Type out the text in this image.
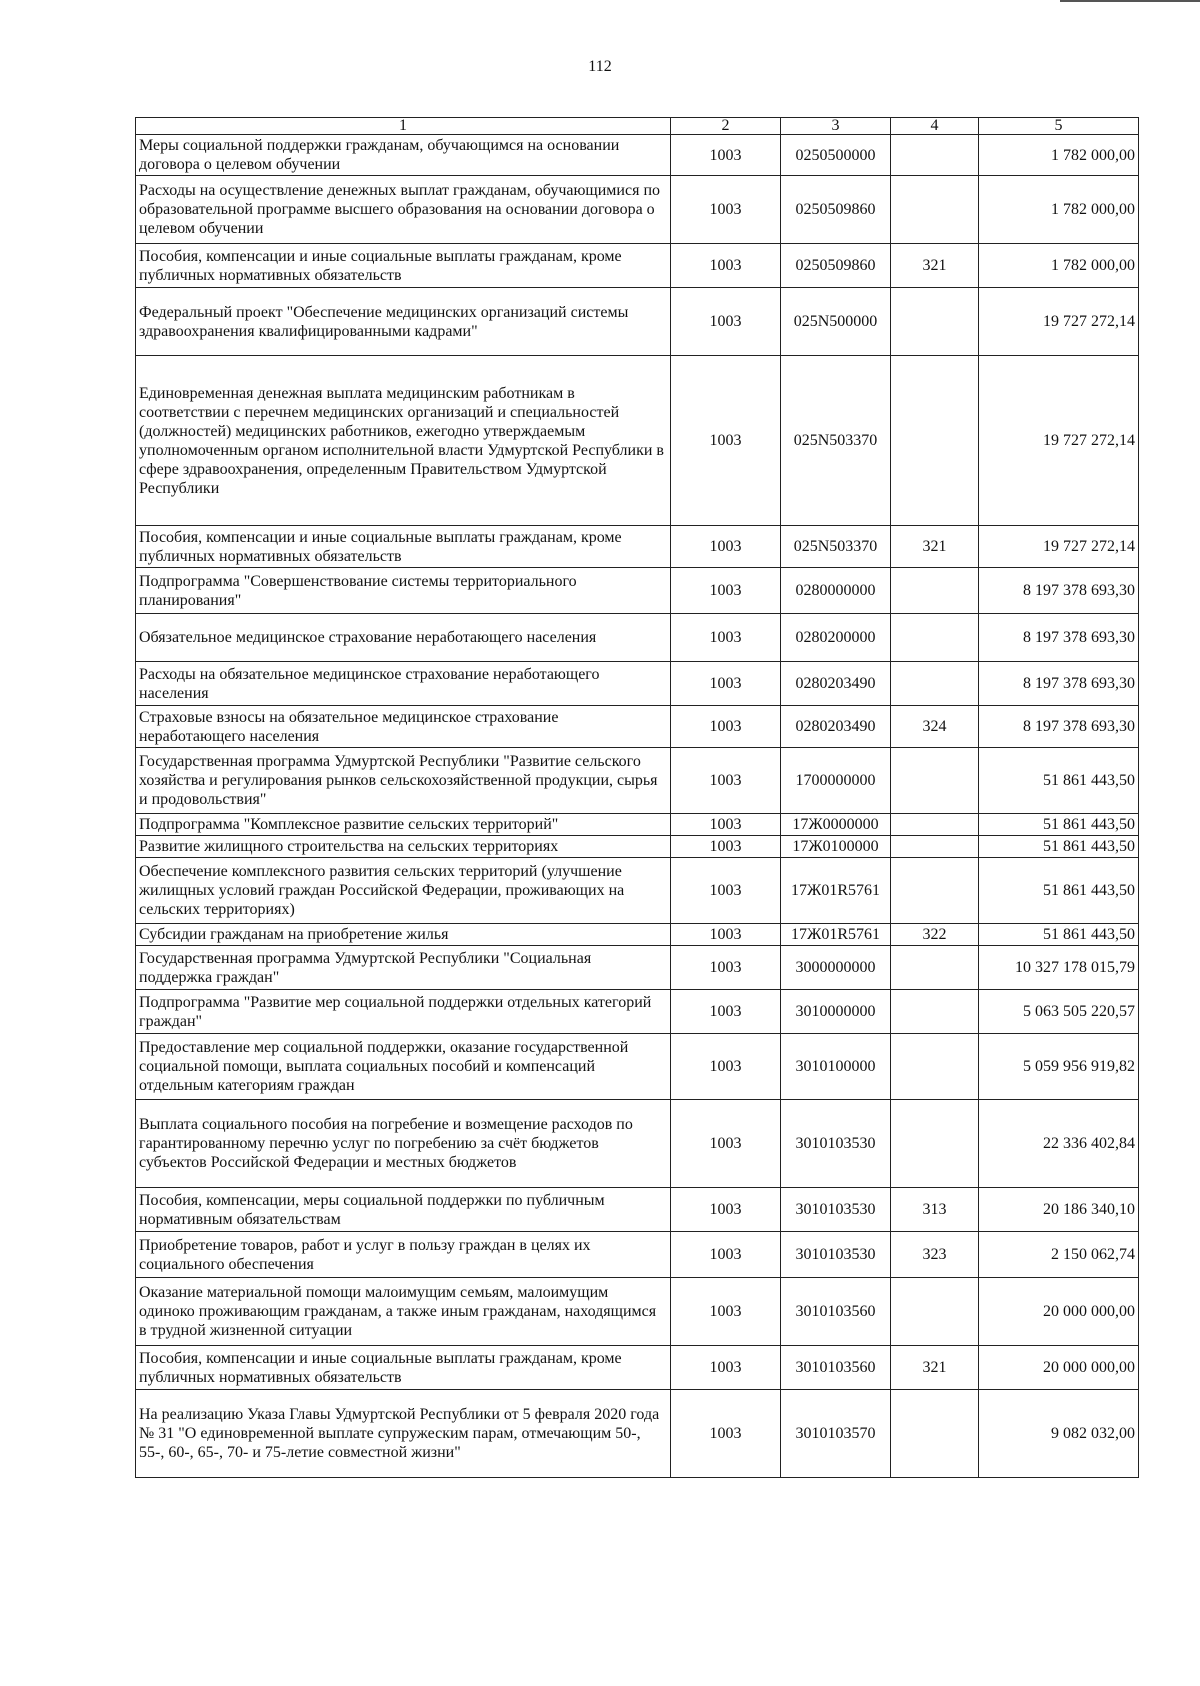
112
1	2	3	4	5
Меры социальной поддержки гражданам, обучающимся на основании договора о целевом обучении	1003	0250500000		1 782 000,00
Расходы на осуществление денежных выплат гражданам, обучающимися по образовательной программе высшего образования на основании договора о целевом обучении	1003	0250509860		1 782 000,00
Пособия, компенсации и иные социальные выплаты гражданам, кроме публичных нормативных обязательств	1003	0250509860	321	1 782 000,00
Федеральный проект "Обеспечение медицинских организаций системы здравоохранения квалифицированными кадрами"	1003	025N500000		19 727 272,14
Единовременная денежная выплата медицинским работникам в соответствии с перечнем медицинских организаций и специальностей (должностей) медицинских работников, ежегодно утверждаемым уполномоченным органом исполнительной власти Удмуртской Республики в сфере здравоохранения, определенным Правительством Удмуртской Республики	1003	025N503370		19 727 272,14
Пособия, компенсации и иные социальные выплаты гражданам, кроме публичных нормативных обязательств	1003	025N503370	321	19 727 272,14
Подпрограмма "Совершенствование системы территориального планирования"	1003	0280000000		8 197 378 693,30
Обязательное медицинское страхование неработающего населения	1003	0280200000		8 197 378 693,30
Расходы на обязательное медицинское страхование неработающего населения	1003	0280203490		8 197 378 693,30
Страховые взносы на обязательное медицинское страхование неработающего населения	1003	0280203490	324	8 197 378 693,30
Государственная программа Удмуртской Республики "Развитие сельского хозяйства и регулирования рынков сельскохозяйственной продукции, сырья и продовольствия"	1003	1700000000		51 861 443,50
Подпрограмма "Комплексное развитие сельских территорий"	1003	17Ж0000000		51 861 443,50
Развитие жилищного строительства на сельских территориях	1003	17Ж0100000		51 861 443,50
Обеспечение комплексного развития сельских территорий (улучшение жилищных условий граждан Российской Федерации, проживающих на сельских территориях)	1003	17Ж01R5761		51 861 443,50
Субсидии гражданам на приобретение жилья	1003	17Ж01R5761	322	51 861 443,50
Государственная программа Удмуртской Республики "Социальная поддержка граждан"	1003	3000000000		10 327 178 015,79
Подпрограмма "Развитие мер социальной поддержки отдельных категорий граждан"	1003	3010000000		5 063 505 220,57
Предоставление мер социальной поддержки, оказание государственной социальной помощи, выплата социальных пособий и компенсаций отдельным категориям граждан	1003	3010100000		5 059 956 919,82
Выплата социального пособия на погребение и возмещение расходов по гарантированному перечню услуг по погребению за счёт бюджетов субъектов Российской Федерации и местных бюджетов	1003	3010103530		22 336 402,84
Пособия, компенсации, меры социальной поддержки по публичным нормативным обязательствам	1003	3010103530	313	20 186 340,10
Приобретение товаров, работ и услуг в пользу граждан в целях их социального обеспечения	1003	3010103530	323	2 150 062,74
Оказание материальной помощи малоимущим семьям, малоимущим одиноко проживающим гражданам, а также иным гражданам, находящимся в трудной жизненной ситуации	1003	3010103560		20 000 000,00
Пособия, компенсации и иные социальные выплаты гражданам, кроме публичных нормативных обязательств	1003	3010103560	321	20 000 000,00
На реализацию Указа Главы Удмуртской Республики от 5 февраля 2020 года № 31 "О единовременной выплате супружеским парам, отмечающим 50-, 55-, 60-, 65-, 70- и 75-летие совместной жизни"	1003	3010103570		9 082 032,00
